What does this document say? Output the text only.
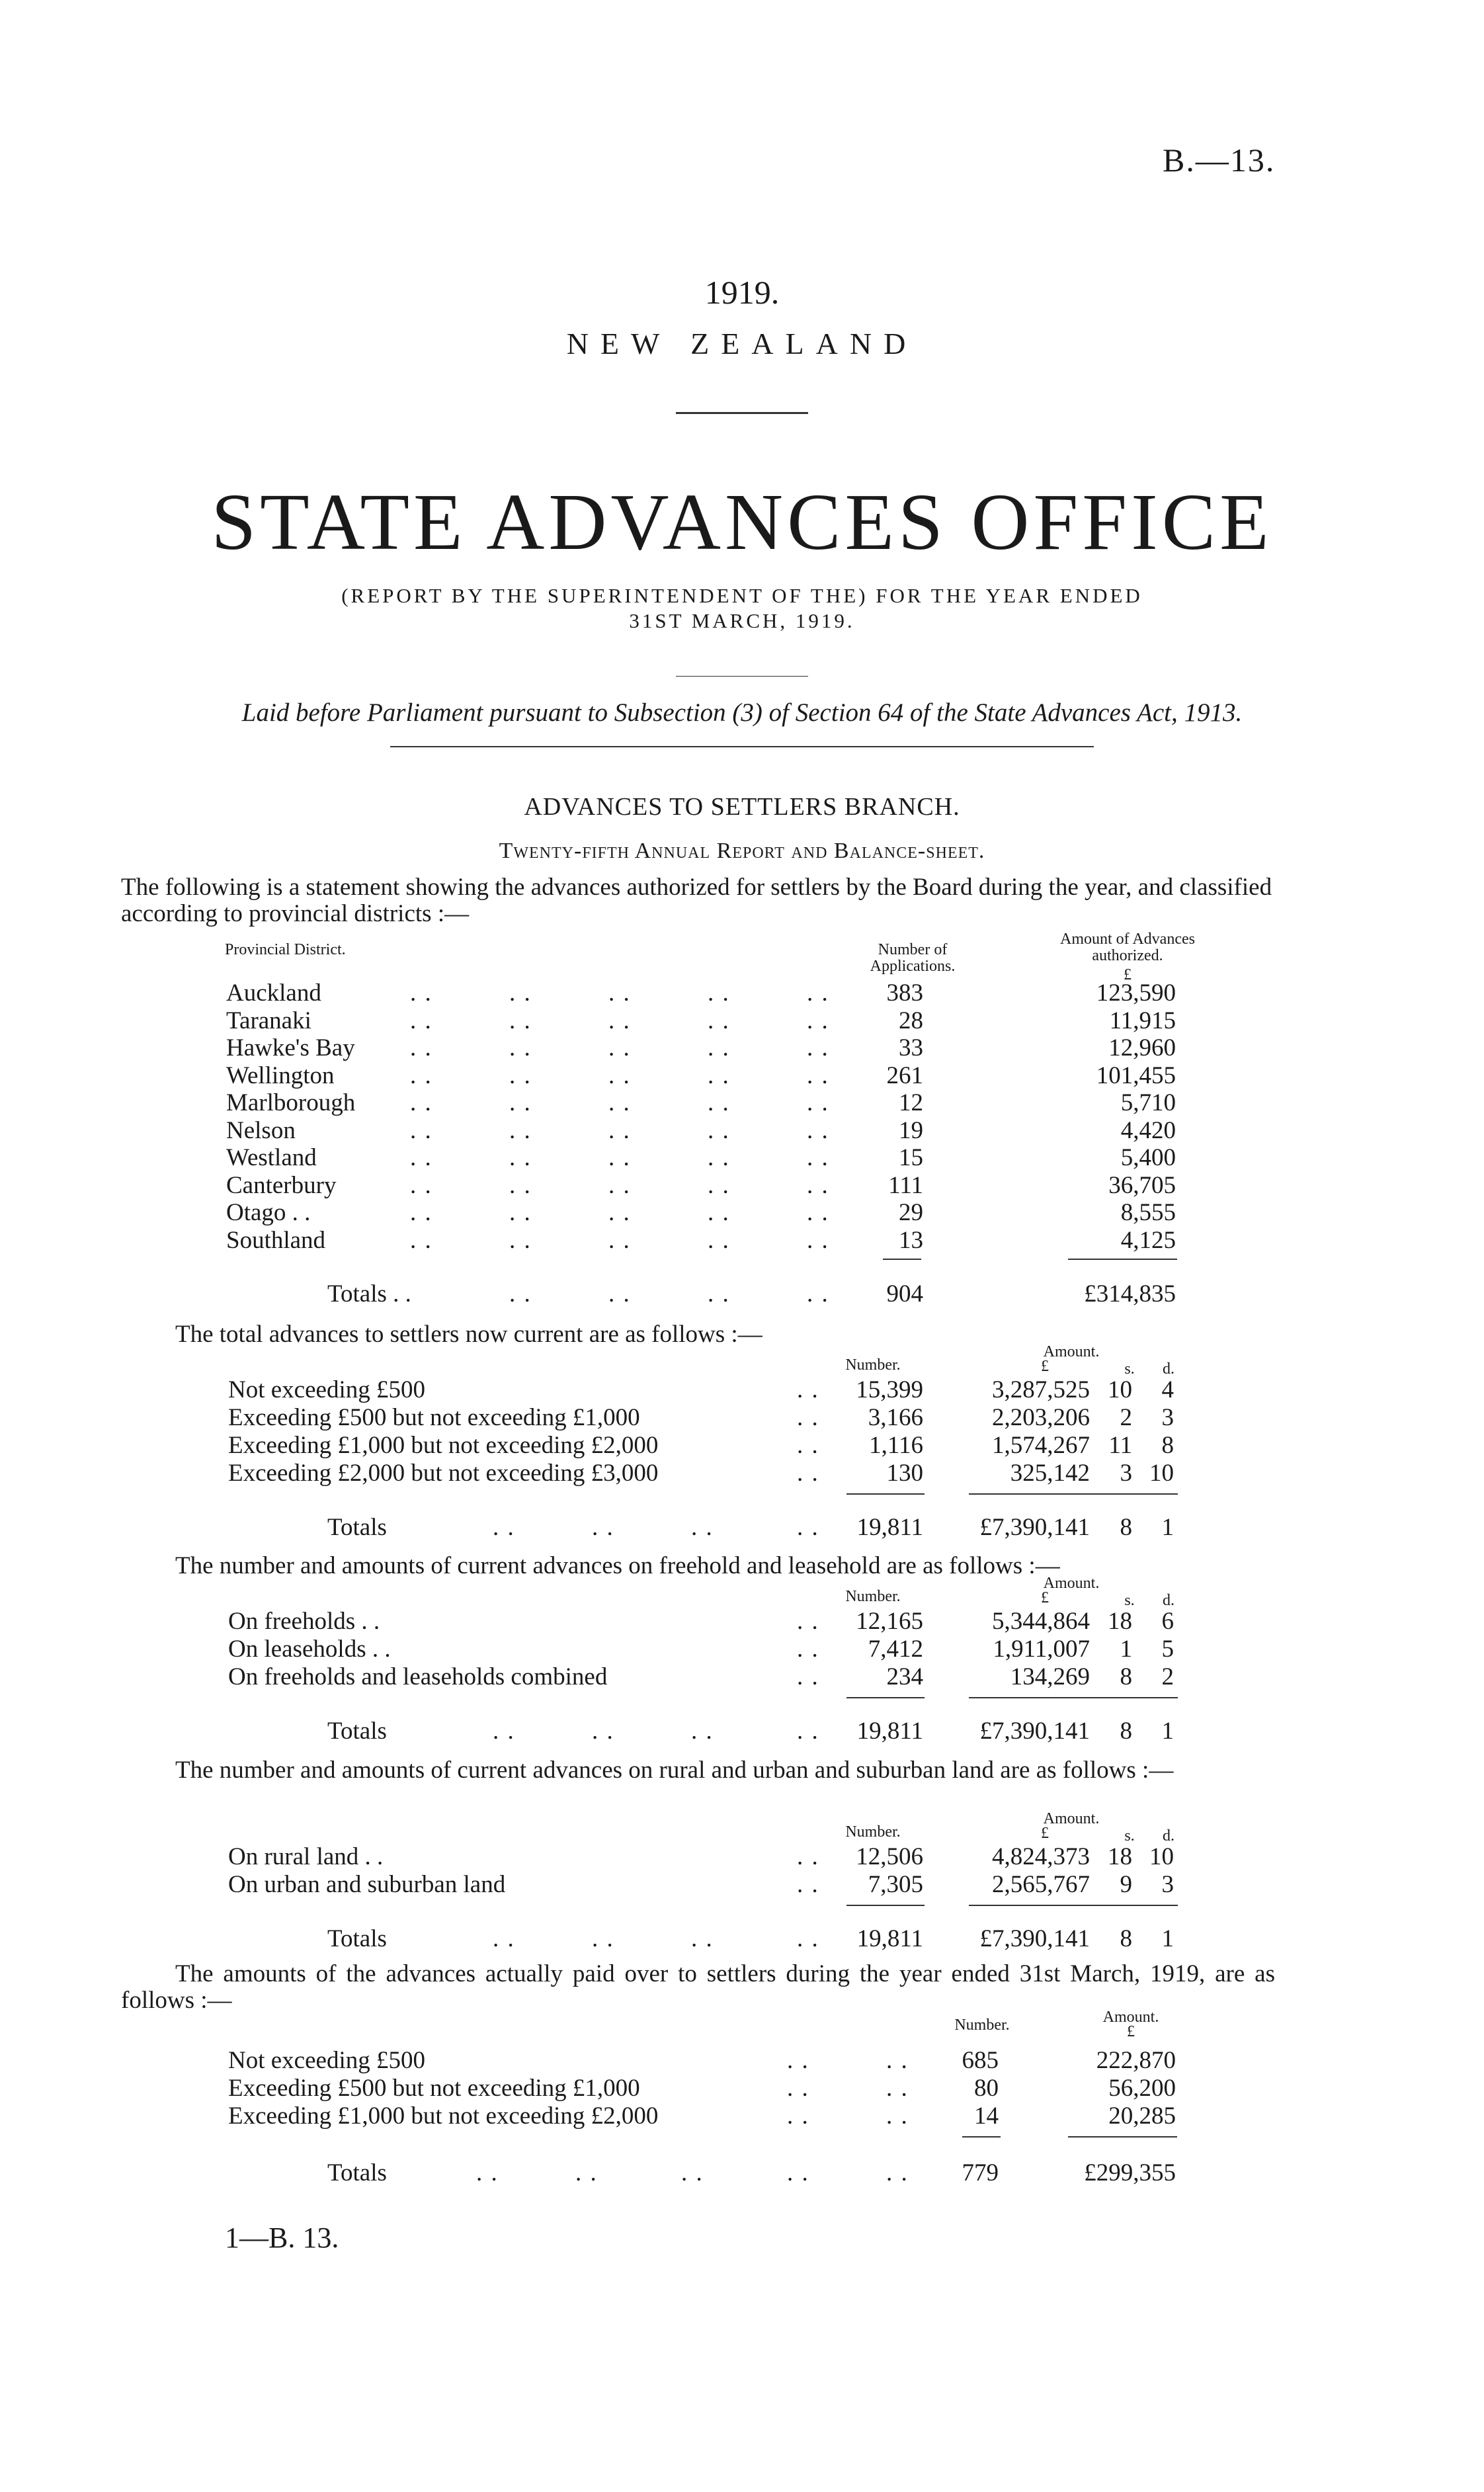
B.—13.
1919.
NEW ZEALAND
STATE ADVANCES OFFICE
(REPORT BY THE SUPERINTENDENT OF THE) FOR THE YEAR ENDED
31ST MARCH, 1919.
Laid before Parliament pursuant to Subsection (3) of Section 64 of the State Advances Act, 1913.
ADVANCES TO SETTLERS BRANCH.
Twenty-fifth Annual Report and Balance-sheet.
The following is a statement showing the advances authorized for settlers by the Board during the year, and classified according to provincial districts :—
Provincial District.	Number of Applications.
Amount of Advances authorized.
£
Auckland	. .	. .	. .	. .	. . 383	123,590
Taranaki	. .	. .	. .	. .	. .	28	11,915
Hawke's Bay . .	. .	. .	. .	. .	33	12,960
Wellington	. .	. .	. .	. .	. . 261	101,455
Marlborough . .	. .	. .	. .	. .	12	5,710
Nelson	. .	. .	. .	. .	. .	19	4,420
Westland	. .	. .	. .	. .	. .	15	5,400
Canterbury	. .	. .	. .	. .	. . 111	36,705
Otago . .	. .	. .	. .	. .	. .	29	8,555
Southland	. .	. .	. .	. .	. .	13	4,125
Totals . .	. .	. .	. .	. . 904	£314,835
The total advances to settlers now current are as follows :—
Number.
Amount.
£	s.	d.
Not exceeding £500	. . 15,399	3,287,525 10 4
Exceeding £500 but not exceeding £1,000	. . 3,166	2,203,206 2 3
Exceeding £1,000 but not exceeding £2,000	. . 1,116	1,574,267 11 8
Exceeding £2,000 but not exceeding £3,000	. .	130	325,142 3 10
Totals	. .	. .	. .	. . 19,811 £7,390,141 8 1
The number and amounts of current advances on freehold and leasehold are as follows :—
Number.
Amount.
£	s.	d.
On freeholds . .	. . 12,165	5,344,864 18 6
On leaseholds . .	. . 7,412	1,911,007 1 5
On freeholds and leaseholds combined	. .	234	134,269 8 2
Totals	. .	. .	. .	. . 19,811 £7,390,141 8 1
The number and amounts of current advances on rural and urban and suburban land are as follows :—
Number.
Amount.
£	s.	d.
On rural land . .	. . 12,506	4,824,373 18 10
On urban and suburban land	. . 7,305	2,565,767 9 3
Totals	. .	. .	. .	. . 19,811 £7,390,141 8 1
The amounts of the advances actually paid over to settlers during the year ended 31st March, 1919, are as follows :—
Number.	Amount.
£
Not exceeding £500	. .	. . 685	222,870
Exceeding £500 but not exceeding £1,000	. .	. .	80	56,200
Exceeding £1,000 but not exceeding £2,000	. .	. .	14	20,285
Totals	. .	. .	. .	. .	. . 779	£299,355
1—B. 13.
